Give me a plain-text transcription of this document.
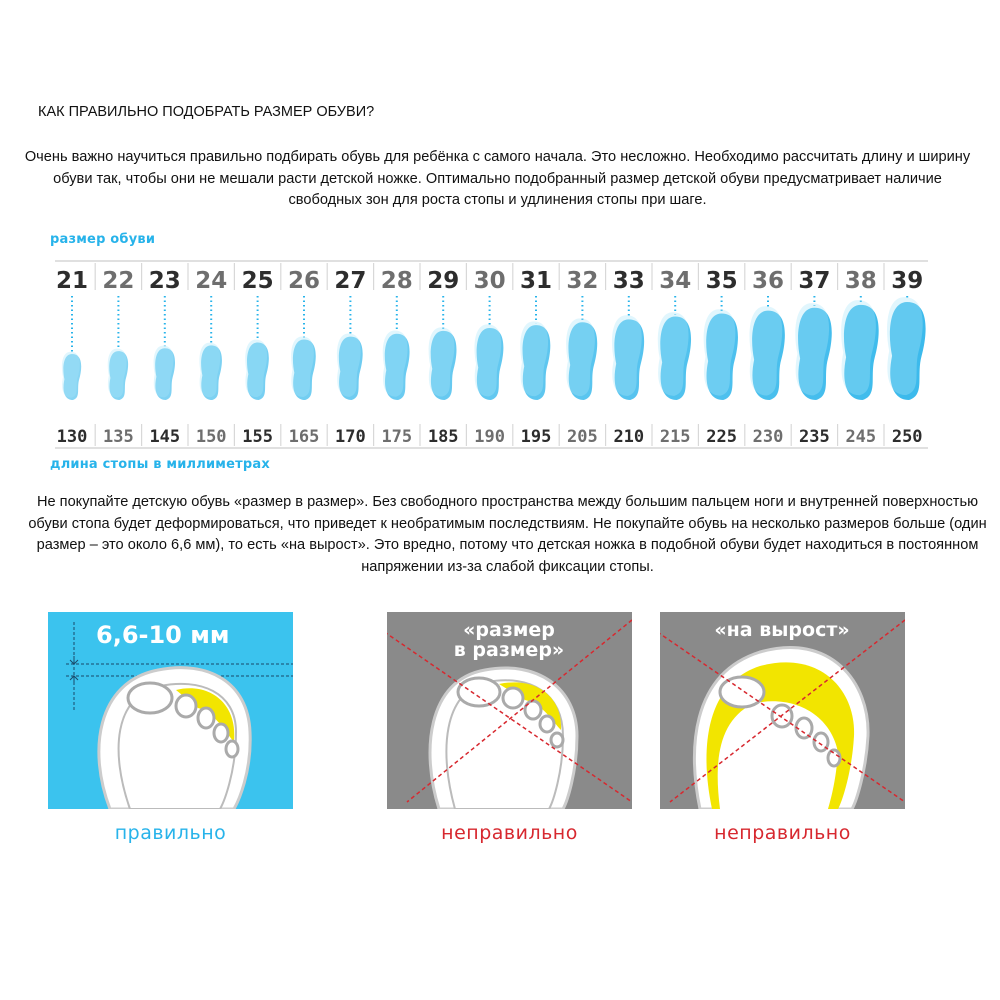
КАК ПРАВИЛЬНО ПОДОБРАТЬ РАЗМЕР ОБУВИ?
Очень важно научиться правильно подбирать обувь для ребёнка с самого начала. Это несложно. Необходимо рассчитать длину и ширину обуви так, чтобы они не мешали расти детской ножке. Оптимально подобранный размер детской обуви предусматривает наличие свободных зон для роста стопы и удлинения стопы при шаге.
размер обуви
21
130
22
135
23
145
24
150
25
155
26
165
27
170
28
175
29
185
30
190
31
195
32
205
33
210
34
215
35
225
36
230
37
235
38
245
39
250
длина стопы в миллиметрах
Не покупайте детскую обувь «размер в размер». Без свободного пространства между большим пальцем ноги и внутренней поверхностью обуви стопа будет деформироваться, что приведет к необратимым последствиям. Не покупайте обувь на несколько размеров больше (один размер – это около 6,6 мм), то есть «на вырост». Это вредно, потому что детская ножка в подобной обуви будет находиться в постоянном напряжении из-за слабой фиксации стопы.
6,6-10 мм
правильно
«размер
в размер»
неправильно
«на вырост»
неправильно
